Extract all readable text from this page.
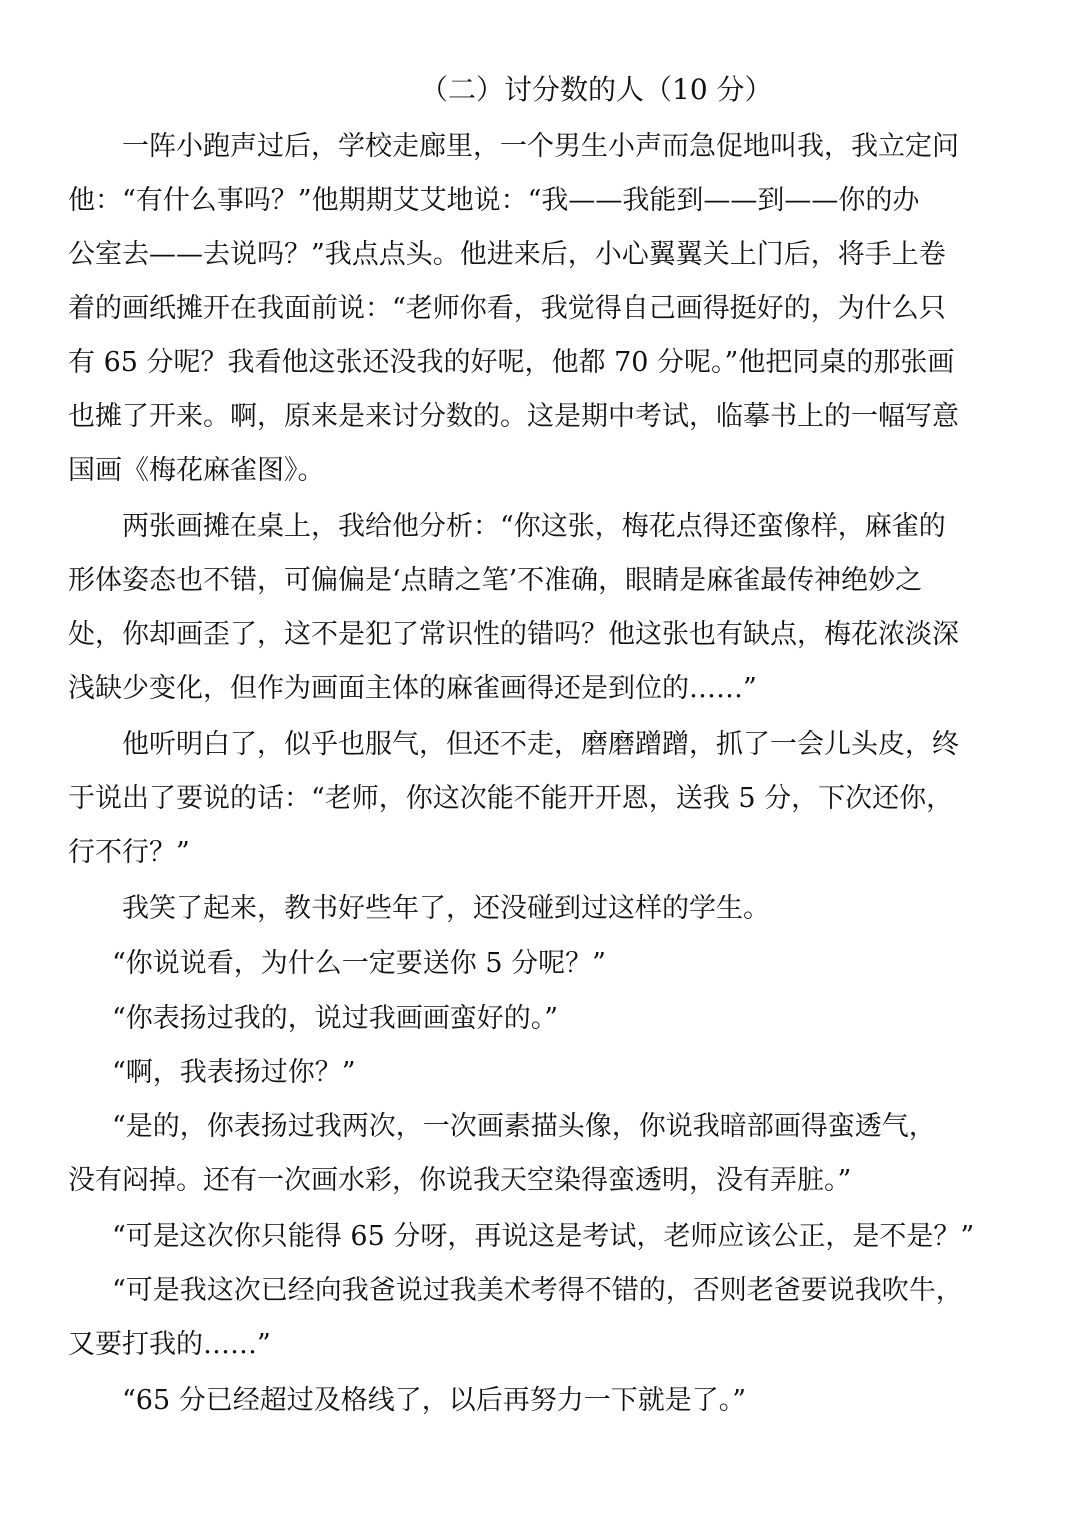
（二）讨分数的人（10 分）
　　一阵小跑声过后，学校走廊里，一个男生小声而急促地叫我，我立定问
他：“有什么事吗？”他期期艾艾地说：“我——我能到——到——你的办
公室去——去说吗？”我点点头。他进来后，小心翼翼关上门后，将手上卷
着的画纸摊开在我面前说：“老师你看，我觉得自己画得挺好的，为什么只
有 65 分呢？我看他这张还没我的好呢，他都 70 分呢。”他把同桌的那张画
也摊了开来。啊，原来是来讨分数的。这是期中考试，临摹书上的一幅写意
国画《梅花麻雀图》。
　　两张画摊在桌上，我给他分析：“你这张，梅花点得还蛮像样，麻雀的
形体姿态也不错，可偏偏是‘点睛之笔’不准确，眼睛是麻雀最传神绝妙之
处，你却画歪了，这不是犯了常识性的错吗？他这张也有缺点，梅花浓淡深
浅缺少变化，但作为画面主体的麻雀画得还是到位的……”
　　他听明白了，似乎也服气，但还不走，磨磨蹭蹭，抓了一会儿头皮，终
于说出了要说的话：“老师，你这次能不能开开恩，送我 5 分，下次还你，
行不行？”
我笑了起来，教书好些年了，还没碰到过这样的学生。
“你说说看，为什么一定要送你 5 分呢？”
“你表扬过我的，说过我画画蛮好的。”
“啊，我表扬过你？”
“是的，你表扬过我两次，一次画素描头像，你说我暗部画得蛮透气，
没有闷掉。还有一次画水彩，你说我天空染得蛮透明，没有弄脏。”
“可是这次你只能得 65 分呀，再说这是考试，老师应该公正，是不是？”
“可是我这次已经向我爸说过我美术考得不错的，否则老爸要说我吹牛，
又要打我的……”
“65 分已经超过及格线了，以后再努力一下就是了。”
